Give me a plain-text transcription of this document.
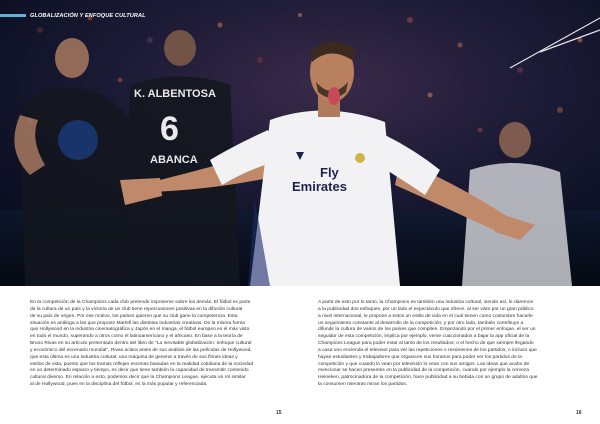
K. ALBENTOSA
6
ABANCA
Fly
Emirates
GLOBALIZACIÓN Y ENFOQUE CULTURAL
En la competición de la Champions cada club pretende imponerse sobre los demás. El fútbol es parte
de la cultura de un país y la victoria de un club tiene repercusiones positivas en la difusión cultural
de su país de origen. Por ese motivo, los países quieren que su club gane la competencia. Esta
situación es análoga a las que propone Martell las distintas industrias creativas. De la misma forma
que Hollywood en la industria cinematográfica y Japón en el manga, el fútbol europeo es el más visto
en todo el mundo, superando a otros como el latinoamericano y el africano. En base a la teoría de
Bruno Rivas en su artículo presentado dentro del libro de "La inevitable globalización: enfoque cultural
y económico del escenario mundial", Rivas aclara antes de sus análisis de las películas de Hollywood,
que esta última es una industria cultural, una máquina de generar a través de sus filmes ideas y
estilos de vida, puesto que las tramas reflejan escenas basadas en la realidad cotidiana de la sociedad
en un determinado espacio y tiempo, es decir que tiene también la capacidad de transmitir contenido
cultural diverso. En relación a esto, podemos decir que la Champions League, ejecuta un rol similar
al de Hollywood, pues en la disciplina del fútbol, es la más popular y referenciada.
A partir de esto por lo tanto, la Champions es también una industria cultural, siendo así, le daremos
a la publicidad dos enfoques, por un lado el espectáculo que ofrece, al ser visto por un gran público
a nivel internacional, le propone a estos un estilo de vida en el cual tienen como costumbre hacerle
un seguimiento constante al desarrollo de la competición; y por otro lado, también contribuye a
difundir la cultura de varios de los países que compiten. Empezando por el primer enfoque, el ser un
seguidor de esta competición, implica por ejemplo, verse coaccionados a bajar la app oficial de la
Champions League para poder estar al tanto de los resultados; o el hecho de que siempre llegando
a casa uno encienda el televisor para ver las repeticiones o resúmenes de los partidos, o incluso que
hayan estudiantes y trabajadores que organicen sus horarios para poder ver los partidos de la
competición y que cuando lo vean por televisión lo vean con sus amigos. Las ideas que acabo de
mencionar se hacen presentes en la publicidad de la competición, cuando por ejemplo la cerveza
Heineken, patrocinadora de la competición, hace publicidad a su bebida con un grupo de adultos que
la consumen mientras miran los partidos.
15	16
